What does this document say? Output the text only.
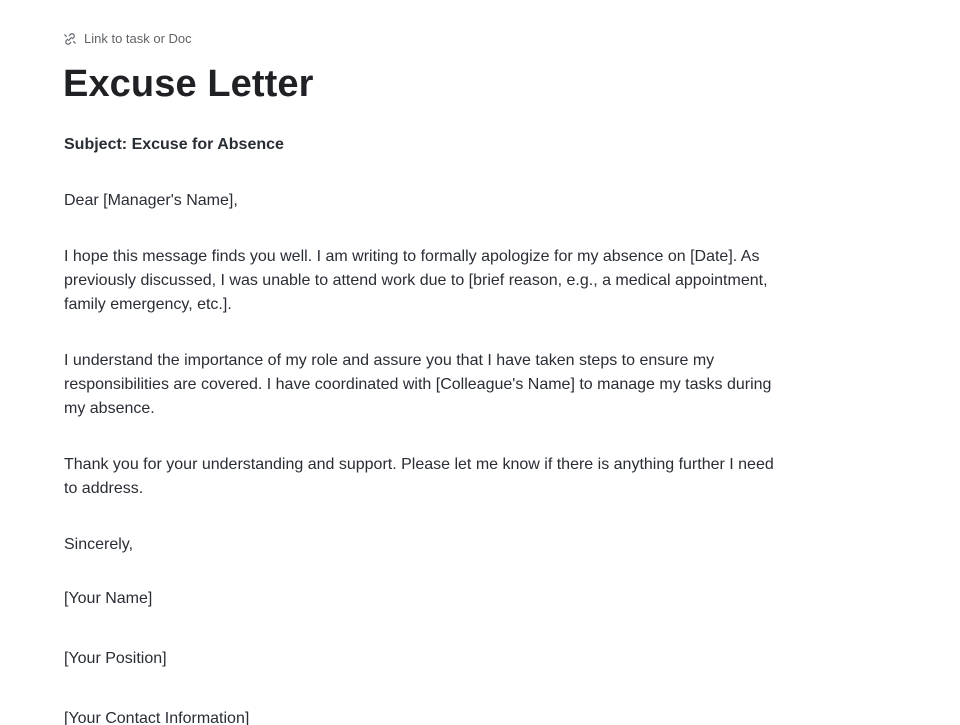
Link to task or Doc
Excuse Letter

Subject: Excuse for Absence

Dear [Manager's Name],

I hope this message finds you well. I am writing to formally apologize for my absence on [Date]. As previously discussed, I was unable to attend work due to [brief reason, e.g., a medical appointment, family emergency, etc.].

I understand the importance of my role and assure you that I have taken steps to ensure my responsibilities are covered. I have coordinated with [Colleague's Name] to manage my tasks during my absence.

Thank you for your understanding and support. Please let me know if there is anything further I need to address.

Sincerely,

[Your Name]

[Your Position]

[Your Contact Information]
